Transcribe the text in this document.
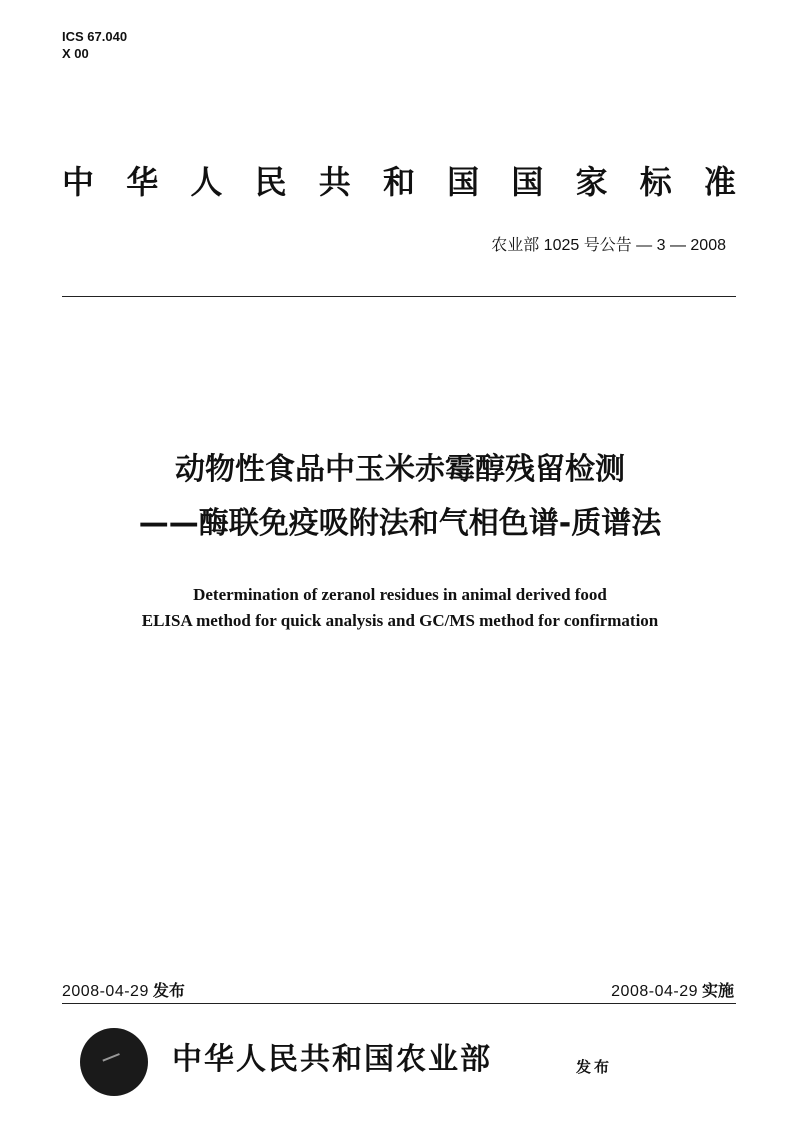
ICS 67.040
X 00
中 华 人 民 共 和 国 国 家 标 准
农业部 1025 号公告 — 3 — 2008
动物性食品中玉米赤霉醇残留检测
——酶联免疫吸附法和气相色谱-质谱法
Determination of zeranol residues in animal derived food
ELISA method for quick analysis and GC/MS method for confirmation
2008-04-29 发布	2008-04-29 实施
中华人民共和国农业部	发布
